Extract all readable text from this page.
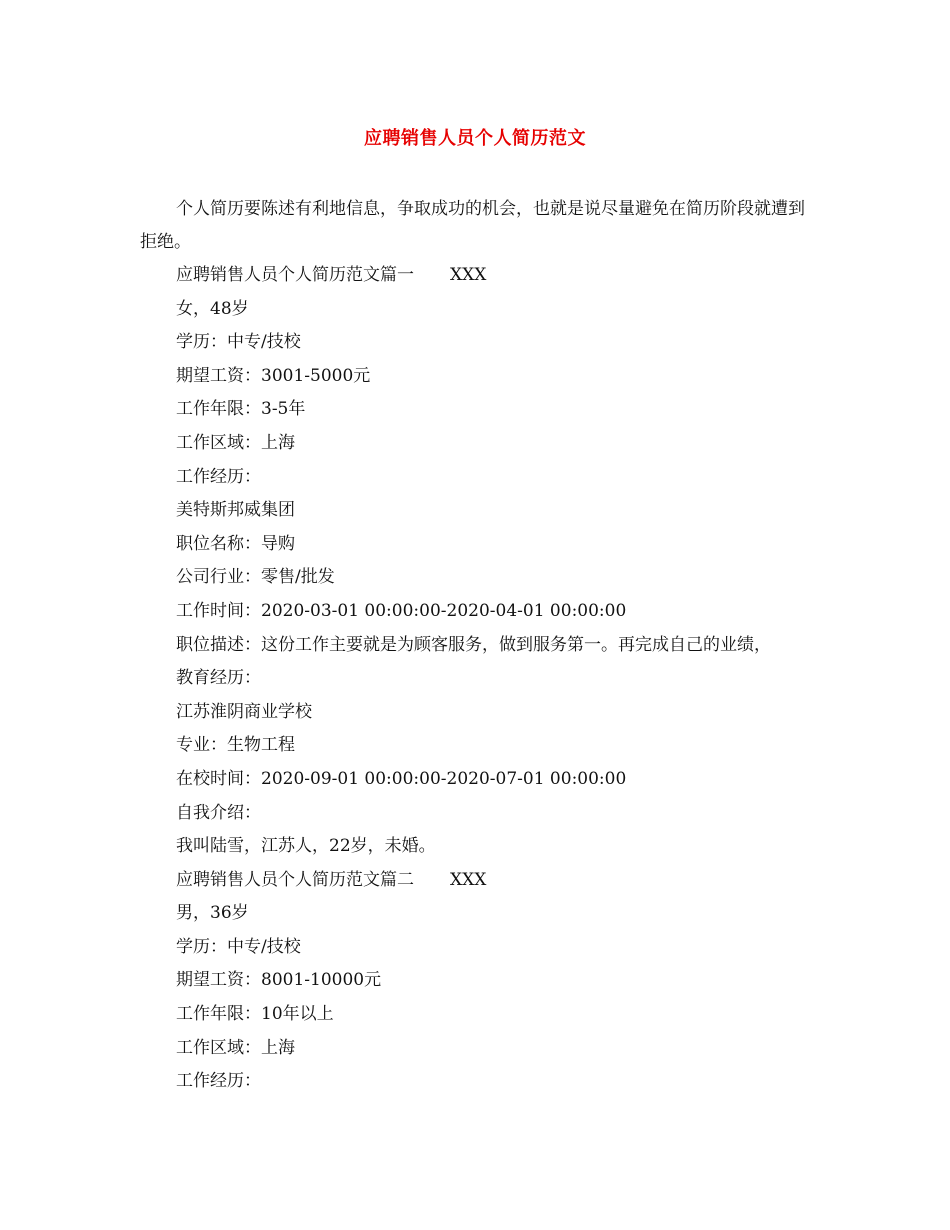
应聘销售人员个人简历范文

个人简历要陈述有利地信息，争取成功的机会，也就是说尽量避免在简历阶段就遭到拒绝。

应聘销售人员个人简历范文篇一 XXX
女，48岁
学历：中专/技校
期望工资：3001-5000元
工作年限：3-5年
工作区域：上海
工作经历：
美特斯邦威集团
职位名称：导购
公司行业：零售/批发
工作时间：2020-03-01 00:00:00-2020-04-01 00:00:00
职位描述：这份工作主要就是为顾客服务，做到服务第一。再完成自己的业绩，
教育经历：
江苏淮阴商业学校
专业：生物工程
在校时间：2020-09-01 00:00:00-2020-07-01 00:00:00
自我介绍：
我叫陆雪，江苏人，22岁，未婚。
应聘销售人员个人简历范文篇二 XXX
男，36岁
学历：中专/技校
期望工资：8001-10000元
工作年限：10年以上
工作区域：上海
工作经历：
